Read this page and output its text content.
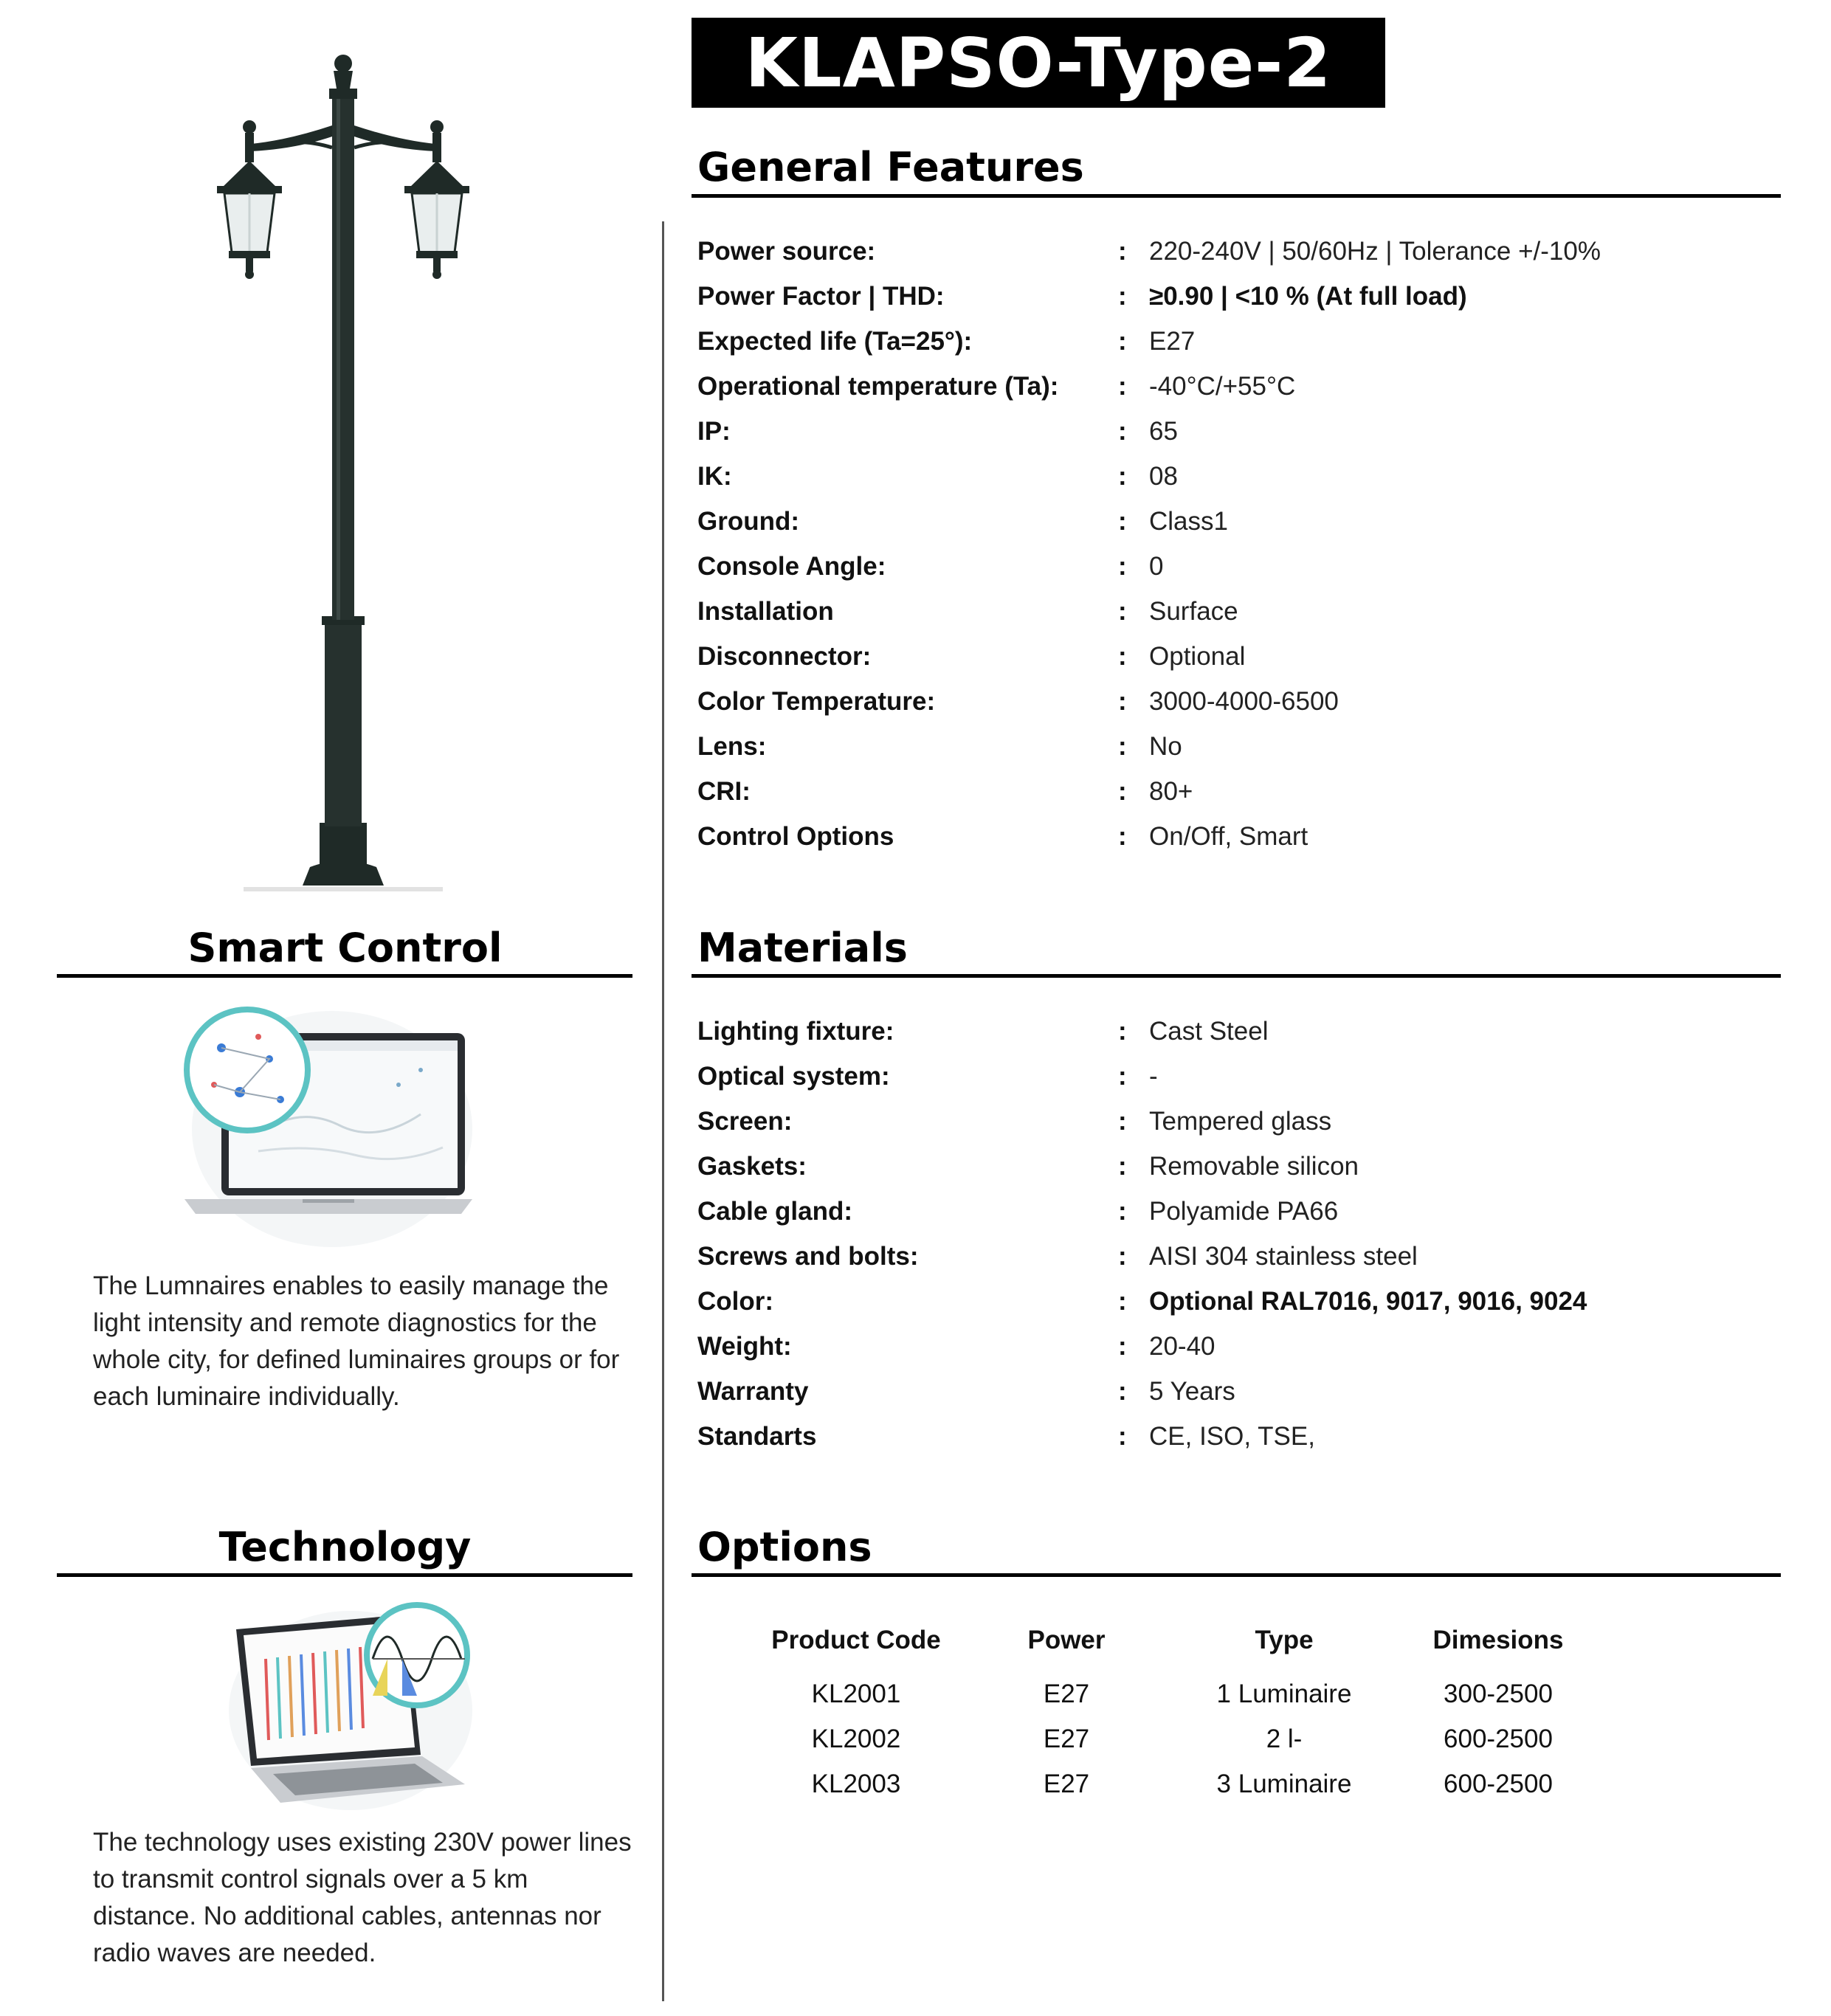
KLAPSO-Type-2
General Features
Power source:	: 220-240V | 50/60Hz | Tolerance +/-10%
Power Factor | THD:	: ≥0.90 | <10 % (At full load)
Expected life (Ta=25°):	: E27
Operational temperature (Ta): : -40°C/+55°C
IP:	: 65
IK:	: 08
Ground:	: Class1
Console Angle:	: 0
Installation	: Surface
Disconnector:	: Optional
Color Temperature:	: 3000-4000-6500
Lens:	: No
CRI:	: 80+
Control Options	: On/Off, Smart
Materials
Lighting fixture:	: Cast Steel
Optical system:	: -
Screen:	: Tempered glass
Gaskets:	: Removable silicon
Cable gland:	: Polyamide PA66
Screws and bolts:	: AISI 304 stainless steel
Color:	: Optional RAL7016, 9017, 9016, 9024
Weight:	: 20-40
Warranty	: 5 Years
Standarts	: CE, ISO, TSE,
Options
Product Code	Power	Type	Dimesions
KL2001	E27	1 Luminaire	300-2500
KL2002	E27	2 l-	600-2500
KL2003	E27	3 Luminaire	600-2500
Smart Control
The Lumnaires enables to easily manage the light intensity and remote diagnostics for the whole city, for defined luminaires groups or for each luminaire individually.
Technology
The technology uses existing 230V power lines to transmit control signals over a 5 km distance. No additional cables, antennas nor radio waves are needed.
